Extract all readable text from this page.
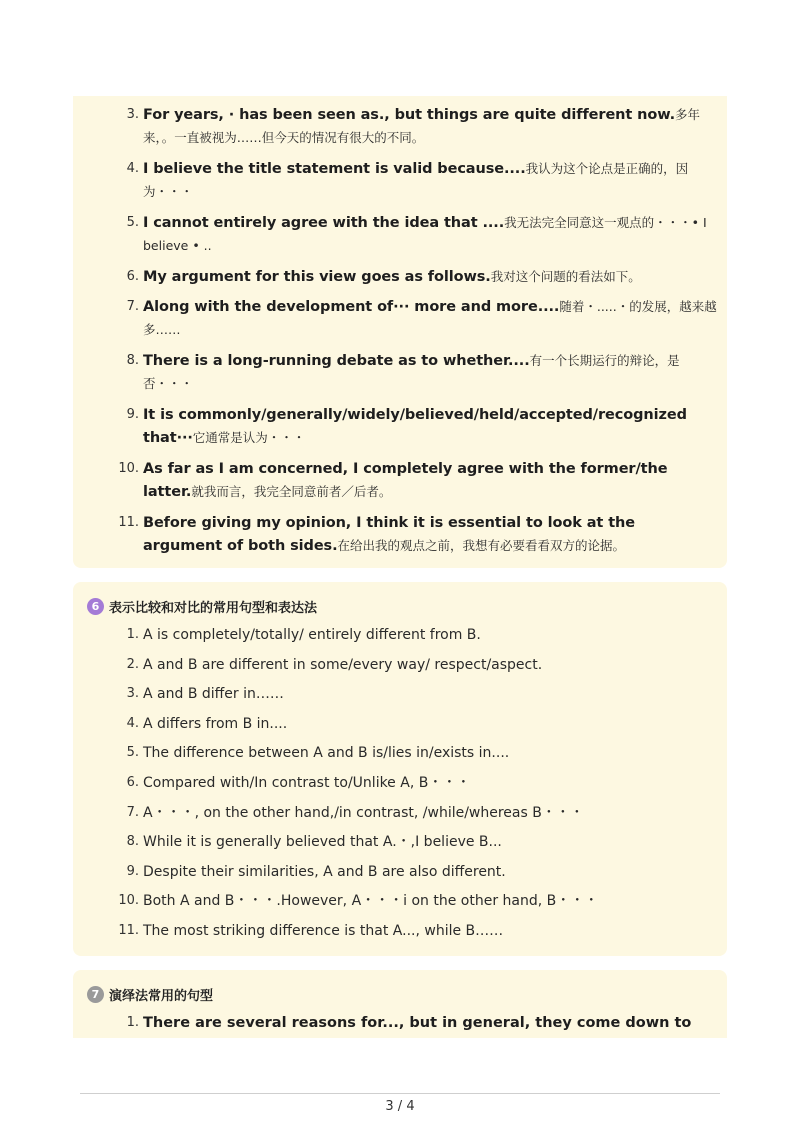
3. For years, · has been seen as., but things are quite different now.多年来，。一直被视为……但今天的情况有很大的不同。
4. I believe the title statement is valid because....我认为这个论点是正确的，因为・・・
5. I cannot entirely agree with the idea that ....我无法完全同意这一观点的・・・• I believe • ..
6. My argument for this view goes as follows.我对这个问题的看法如下。
7. Along with the development of··· more and more....随着・.....・的发展，越来越多……
8. There is a long-running debate as to whether....有一个长期运行的辩论，是否・・・
9. It is commonly/generally/widely/believed/held/accepted/recognized that···它通常是认为・・・
10. As far as I am concerned, I completely agree with the former/the latter.就我而言，我完全同意前者／后者。
11. Before giving my opinion, I think it is essential to look at the argument of both sides.在给出我的观点之前，我想有必要看看双方的论据。
6 表示比较和对比的常用句型和表达法
1. A is completely/totally/ entirely different from B.
2. A and B are different in some/every way/ respect/aspect.
3. A and B differ in……
4. A differs from B in....
5. The difference between A and B is/lies in/exists in....
6. Compared with/In contrast to/Unlike A, B・・・
7. A・・・, on the other hand,/in contrast, /while/whereas B・・・
8. While it is generally believed that A.・,I believe B...
9. Despite their similarities, A and B are also different.
10. Both A and B・・・.However, A・・・i on the other hand, B・・・
11. The most striking difference is that A..., while B……
7 演绎法常用的句型
1. There are several reasons for..., but in general, they come down to
3 / 4
